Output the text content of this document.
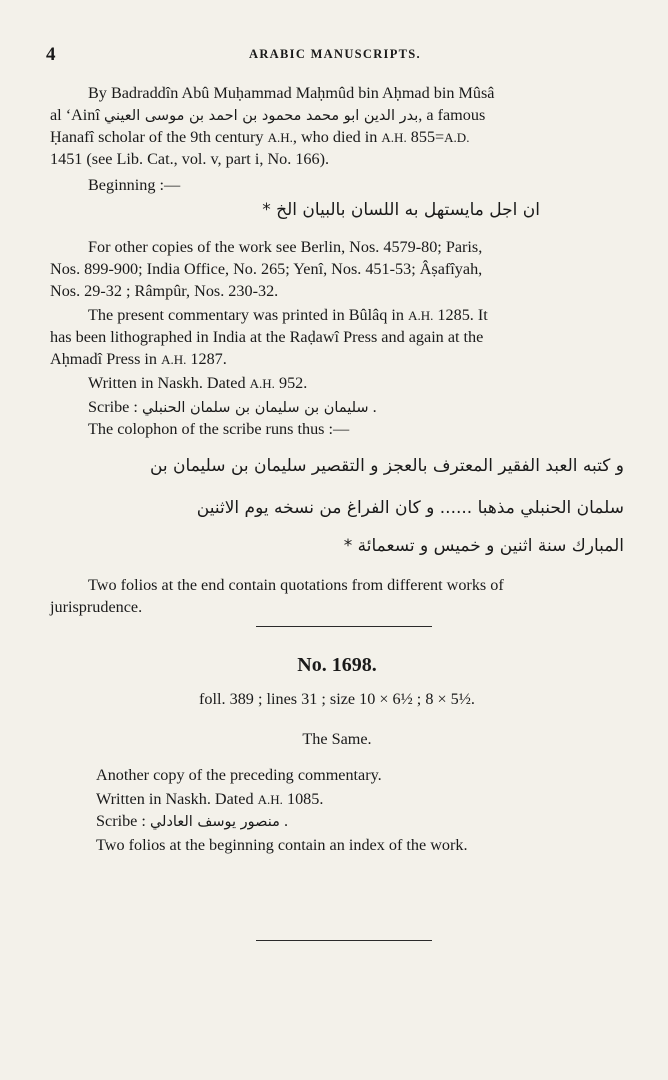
4	ARABIC MANUSCRIPTS.
By Badraddîn Abû Muḥammad Maḥmûd bin Aḥmad bin Mûsâ
al ‘Ainî بدر الدين ابو محمد محمود بن احمد بن موسى العيني, a famous
Ḥanafî scholar of the 9th century A.H., who died in A.H. 855=A.D.
1451 (see Lib. Cat., vol. v, part i, No. 166).
Beginning :—
ان اجل مايستهل به اللسان بالبيان الخ *
For other copies of the work see Berlin, Nos. 4579-80; Paris,
Nos. 899-900; India Office, No. 265; Yenî, Nos. 451-53; Âṣafîyah,
Nos. 29-32 ; Râmpûr, Nos. 230-32.
The present commentary was printed in Bûlâq in A.H. 1285. It
has been lithographed in India at the Raḍawî Press and again at the
Aḥmadî Press in A.H. 1287.
Written in Naskh. Dated A.H. 952.
Scribe : سليمان بن سليمان بن سلمان الحنبلي .
The colophon of the scribe runs thus :—
و كتبه العبد الفقير المعترف بالعجز و التقصير سليمان بن سليمان بن
سلمان الحنبلي مذهبا ...... و كان الفراغ من نسخه يوم الاثنين
المبارك سنة اثنين و خميس و تسعمائة *
Two folios at the end contain quotations from different works of
jurisprudence.
No. 1698.
foll. 389 ; lines 31 ; size 10 × 6½ ; 8 × 5½.
The Same.
Another copy of the preceding commentary.
Written in Naskh. Dated A.H. 1085.
Scribe : منصور يوسف العادلي .
Two folios at the beginning contain an index of the work.
